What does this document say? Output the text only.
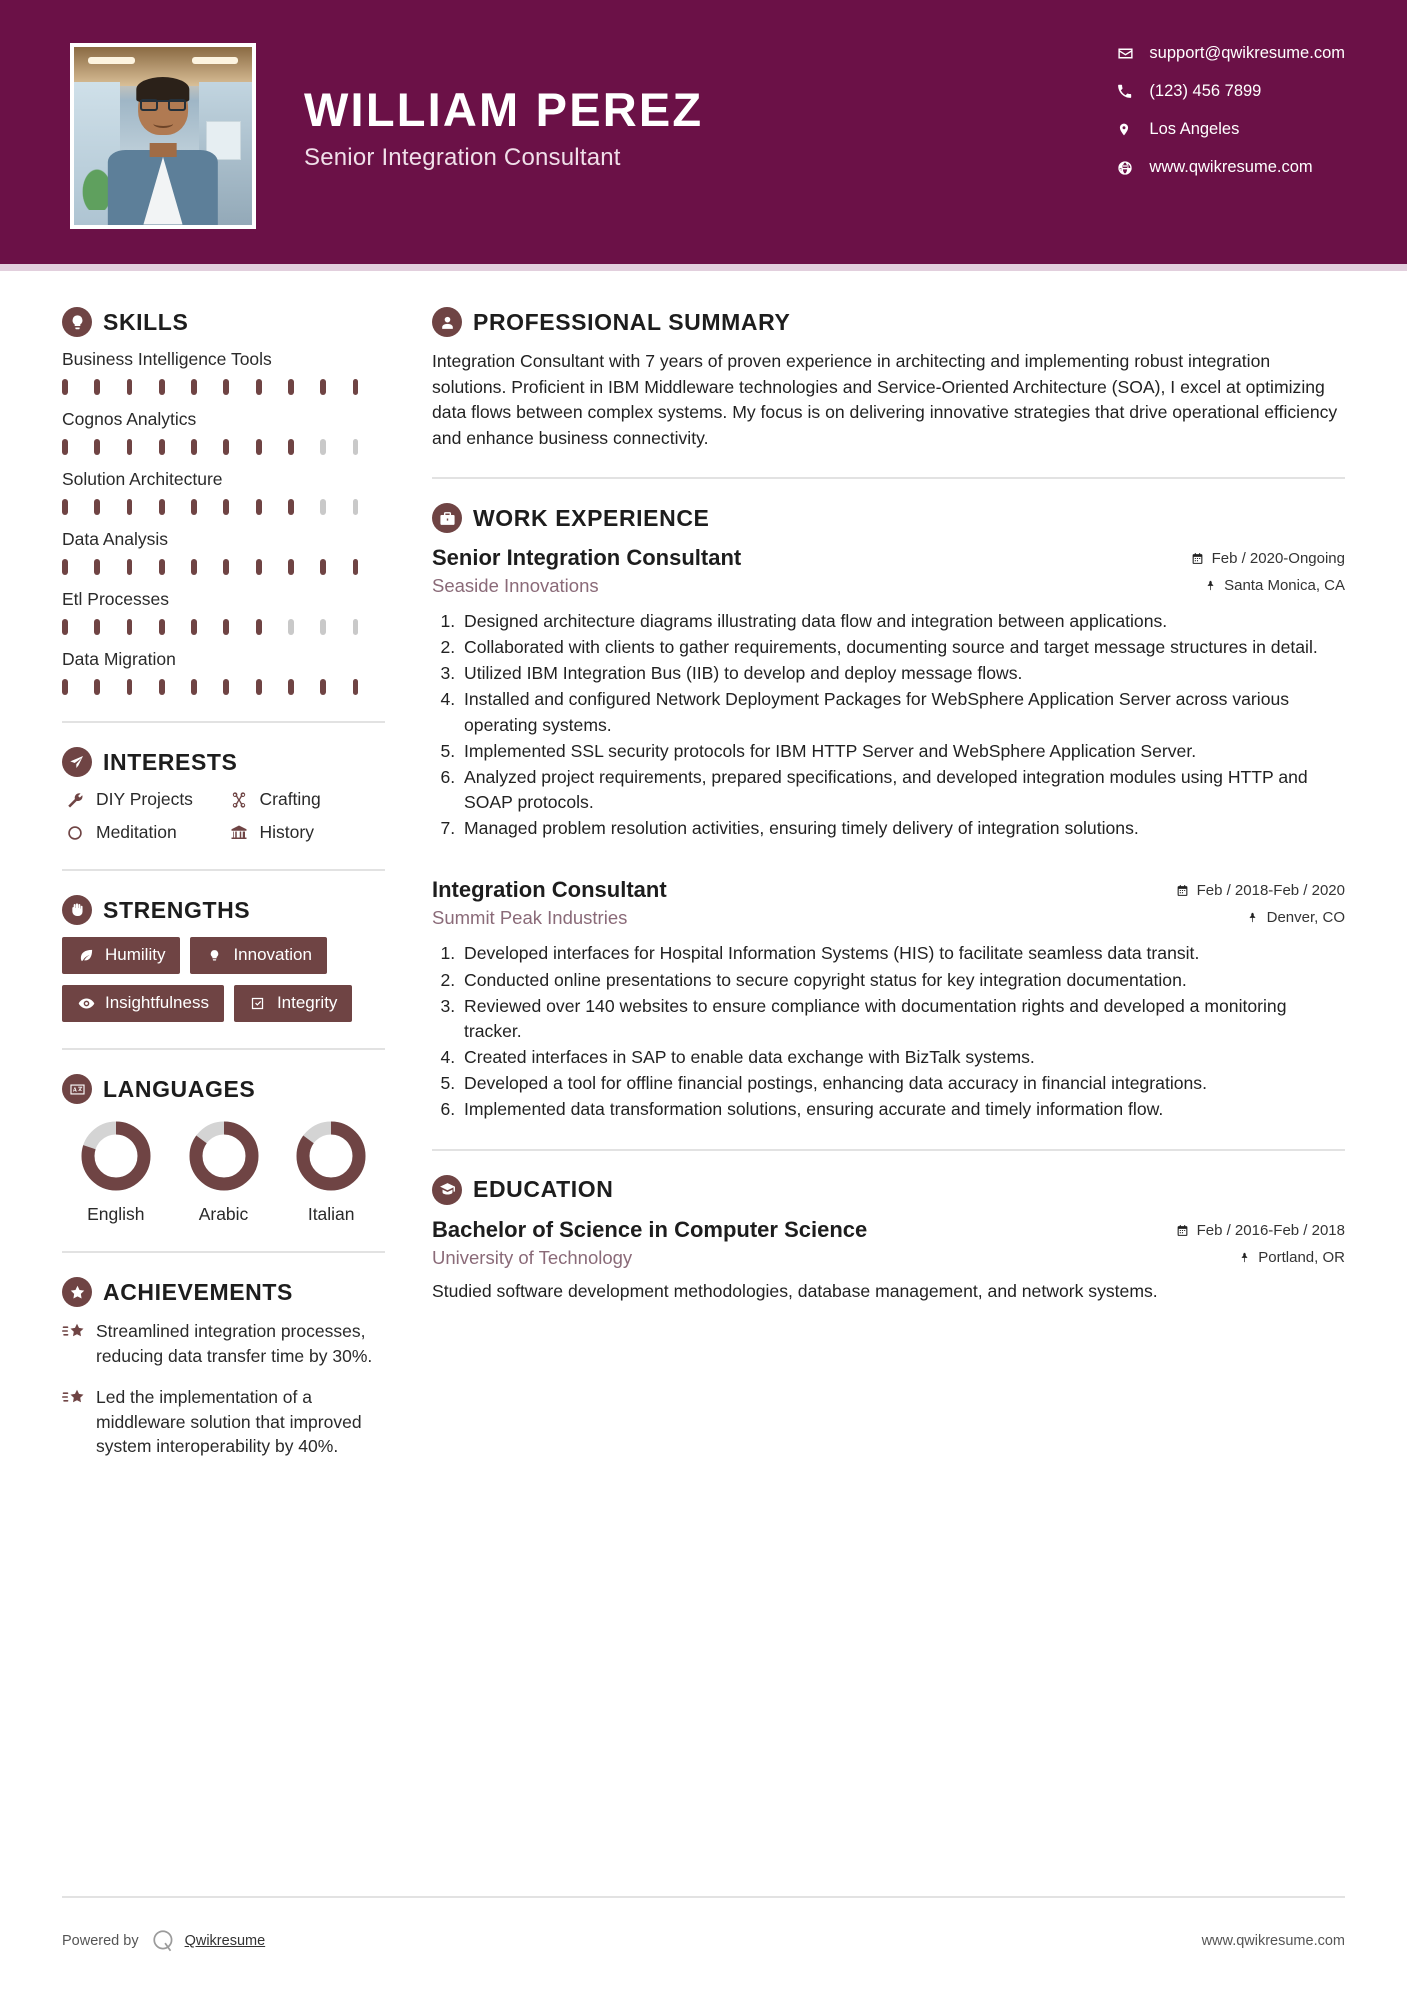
WILLIAM PEREZ
Senior Integration Consultant
support@qwikresume.com
(123) 456 7899
Los Angeles
www.qwikresume.com
SKILLS
Business Intelligence Tools
Cognos Analytics
Solution Architecture
Data Analysis
Etl Processes
Data Migration
INTERESTS
DIY Projects	Crafting
Meditation	History
STRENGTHS
Humility	Innovation
Insightfulness	Integrity
LANGUAGES
English	Arabic	Italian
ACHIEVEMENTS
Streamlined integration processes, reducing data transfer time by 30%.
Led the implementation of a middleware solution that improved system interoperability by 40%.
PROFESSIONAL SUMMARY
Integration Consultant with 7 years of proven experience in architecting and implementing robust integration solutions. Proficient in IBM Middleware technologies and Service-Oriented Architecture (SOA), I excel at optimizing data flows between complex systems. My focus is on delivering innovative strategies that drive operational efficiency and enhance business connectivity.
WORK EXPERIENCE
Senior Integration Consultant	Feb / 2020-Ongoing
Seaside Innovations	Santa Monica, CA
1. Designed architecture diagrams illustrating data flow and integration between applications.
2. Collaborated with clients to gather requirements, documenting source and target message structures in detail.
3. Utilized IBM Integration Bus (IIB) to develop and deploy message flows.
4. Installed and configured Network Deployment Packages for WebSphere Application Server across various operating systems.
5. Implemented SSL security protocols for IBM HTTP Server and WebSphere Application Server.
6. Analyzed project requirements, prepared specifications, and developed integration modules using HTTP and SOAP protocols.
7. Managed problem resolution activities, ensuring timely delivery of integration solutions.
Integration Consultant	Feb / 2018-Feb / 2020
Summit Peak Industries	Denver, CO
1. Developed interfaces for Hospital Information Systems (HIS) to facilitate seamless data transit.
2. Conducted online presentations to secure copyright status for key integration documentation.
3. Reviewed over 140 websites to ensure compliance with documentation rights and developed a monitoring tracker.
4. Created interfaces in SAP to enable data exchange with BizTalk systems.
5. Developed a tool for offline financial postings, enhancing data accuracy in financial integrations.
6. Implemented data transformation solutions, ensuring accurate and timely information flow.
EDUCATION
Bachelor of Science in Computer Science	Feb / 2016-Feb / 2018
University of Technology	Portland, OR
Studied software development methodologies, database management, and network systems.
Powered by	Qwikresume	www.qwikresume.com
